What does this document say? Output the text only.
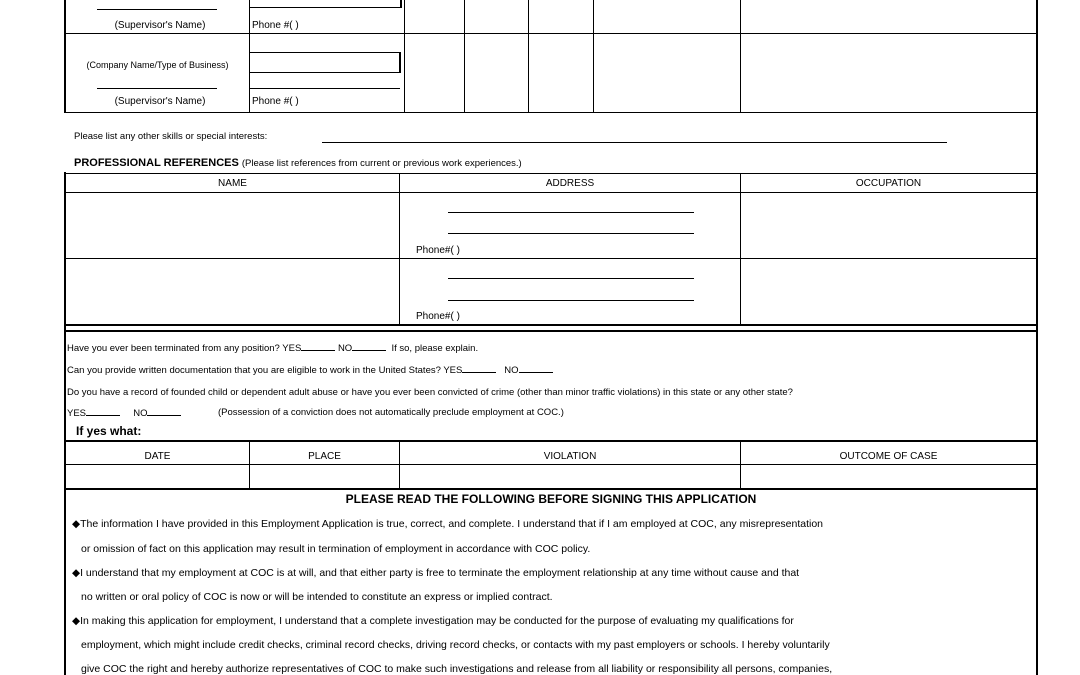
(Supervisor's Name)	Phone #( )
(Company Name/Type of Business)
(Supervisor's Name)	Phone #( )
Please list any other skills or special interests:
PROFESSIONAL REFERENCES (Please list references from current or previous work experiences.)
NAME	ADDRESS	OCCUPATION
Phone#( )
Phone#( )
Have you ever been terminated from any position? YES	NO	If so, please explain.
Can you provide written documentation that you are eligible to work in the United States? YES	NO
Do you have a record of founded child or dependent adult abuse or have you ever been convicted of crime (other than minor traffic violations) in this state or any other state?
YES	NO	(Possession of a conviction does not automatically preclude employment at COC.)
If yes what:
DATE	PLACE	VIOLATION	OUTCOME OF CASE
PLEASE READ THE FOLLOWING BEFORE SIGNING THIS APPLICATION
◆The information I have provided in this Employment Application is true, correct, and complete. I understand that if I am employed at COC, any misrepresentation
or omission of fact on this application may result in termination of employment in accordance with COC policy.
◆I understand that my employment at COC is at will, and that either party is free to terminate the employment relationship at any time without cause and that
no written or oral policy of COC is now or will be intended to constitute an express or implied contract.
◆In making this application for employment, I understand that a complete investigation may be conducted for the purpose of evaluating my qualifications for
employment, which might include credit checks, criminal record checks, driving record checks, or contacts with my past employers or schools. I hereby voluntarily
give COC the right and hereby authorize representatives of COC to make such investigations and release from all liability or responsibility all persons, companies,
